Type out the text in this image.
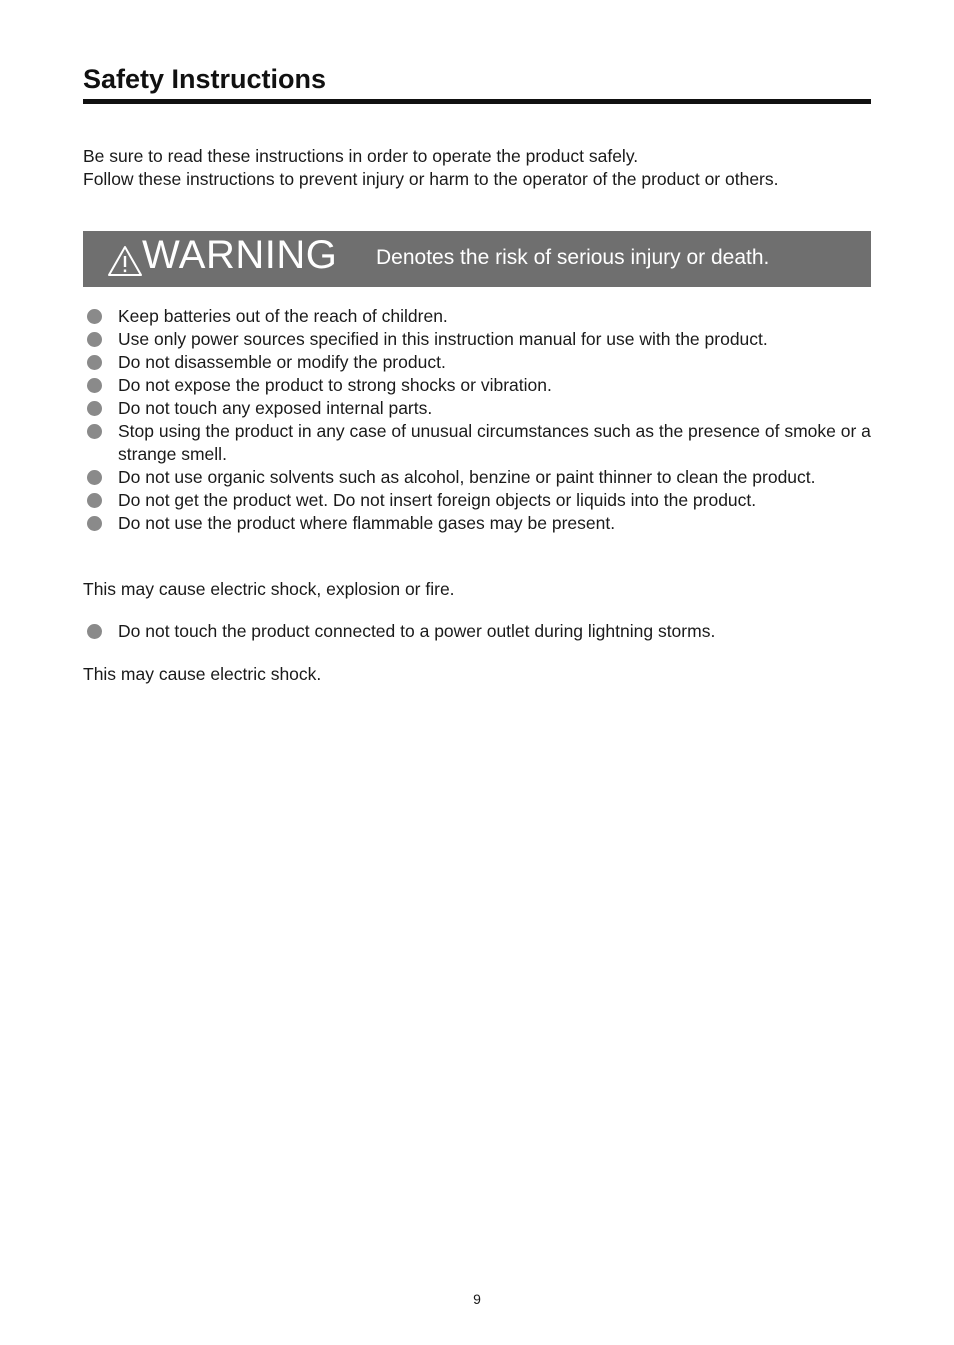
Safety Instructions
Be sure to read these instructions in order to operate the product safely.
Follow these instructions to prevent injury or harm to the operator of the product or others.
WARNING Denotes the risk of serious injury or death.
Keep batteries out of the reach of children.
Use only power sources specified in this instruction manual for use with the product.
Do not disassemble or modify the product.
Do not expose the product to strong shocks or vibration.
Do not touch any exposed internal parts.
Stop using the product in any case of unusual circumstances such as the presence of smoke or a strange smell.
Do not use organic solvents such as alcohol, benzine or paint thinner to clean the product.
Do not get the product wet. Do not insert foreign objects or liquids into the product.
Do not use the product where flammable gases may be present.
This may cause electric shock, explosion or fire.
Do not touch the product connected to a power outlet during lightning storms.
This may cause electric shock.
9
